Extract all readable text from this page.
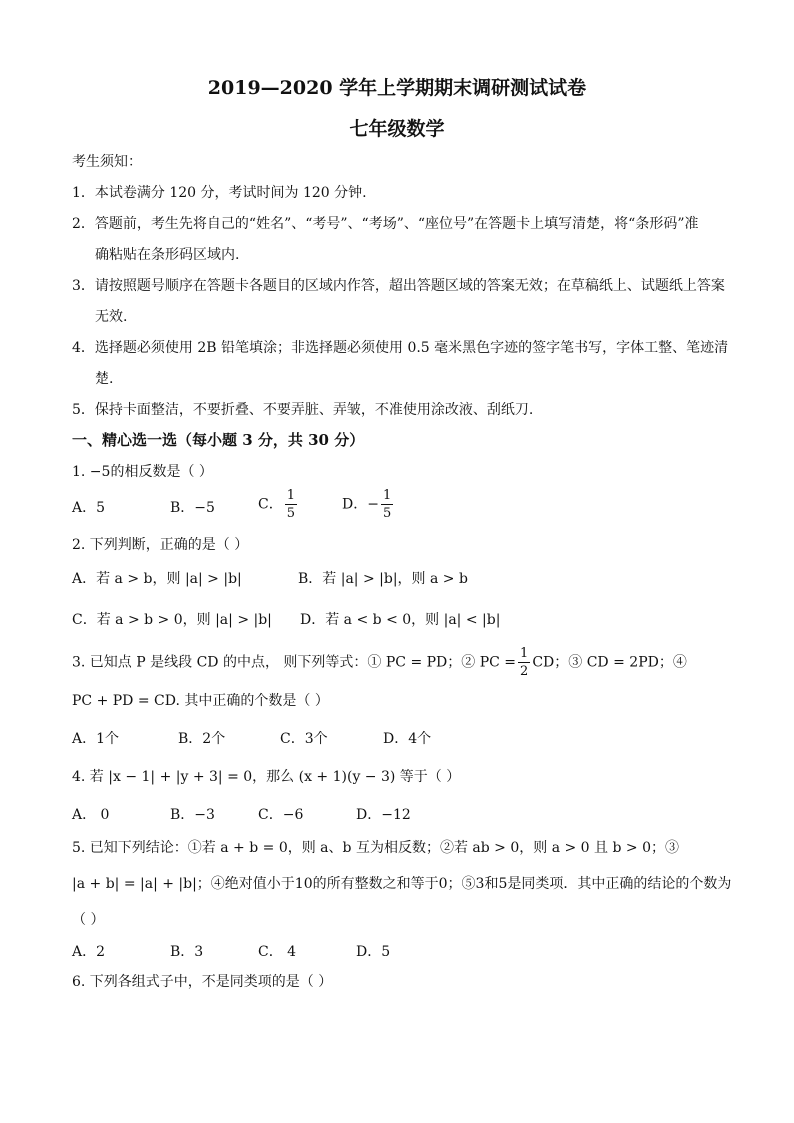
2019—2020 学年上学期期末调研测试试卷
七年级数学
考生须知：
1．本试卷满分 120 分，考试时间为 120 分钟.
2．答题前，考生先将自己的“姓名”、“考号”、“考场”、“座位号”在答题卡上填写清楚，将“条形码”准
确粘贴在条形码区域内.
3．请按照题号顺序在答题卡各题目的区域内作答，超出答题区域的答案无效；在草稿纸上、试题纸上答案
无效.
4．选择题必须使用 2B 铅笔填涂；非选择题必须使用 0.5 毫米黑色字迹的签字笔书写，字体工整、笔迹清
楚.
5．保持卡面整洁，不要折叠、不要弄脏、弄皱，不准使用涂改液、刮纸刀.
一、精心选一选（每小题 3 分，共 30 分）
1. −5的相反数是（ ）
A．5	B．−5	C． $\frac{1}{5}$	D．− $\frac{1}{5}$
2. 下列判断，正确的是（ ）
A．若 a > b，则 |a| > |b|	B．若 |a| > |b|，则 a > b
C．若 a > b > 0，则 |a| > |b| D．若 a < b < 0，则 |a| < |b|
3. 已知点 P 是线段 CD 的中点， 则下列等式：① PC = PD；② PC = $\frac{1}{2}$ CD；③ CD = 2PD；④
PC + PD = CD. 其中正确的个数是（ ）
A．1个	B．2个	C．3个	D．4个
4. 若 |x − 1| + |y + 3| = 0，那么 (x + 1)(y − 3) 等于（ ）
A． 0	B．−3	C．−6	D．−12
5. 已知下列结论：①若 a + b = 0，则 a、b 互为相反数；②若 ab > 0，则 a > 0 且 b > 0；③
|a + b| = |a| + |b|；④绝对值小于10的所有整数之和等于0；⑤3和5是同类项．其中正确的结论的个数为
（ ）
A．2	B．3	C． 4	D．5
6. 下列各组式子中，不是同类项的是（ ）
